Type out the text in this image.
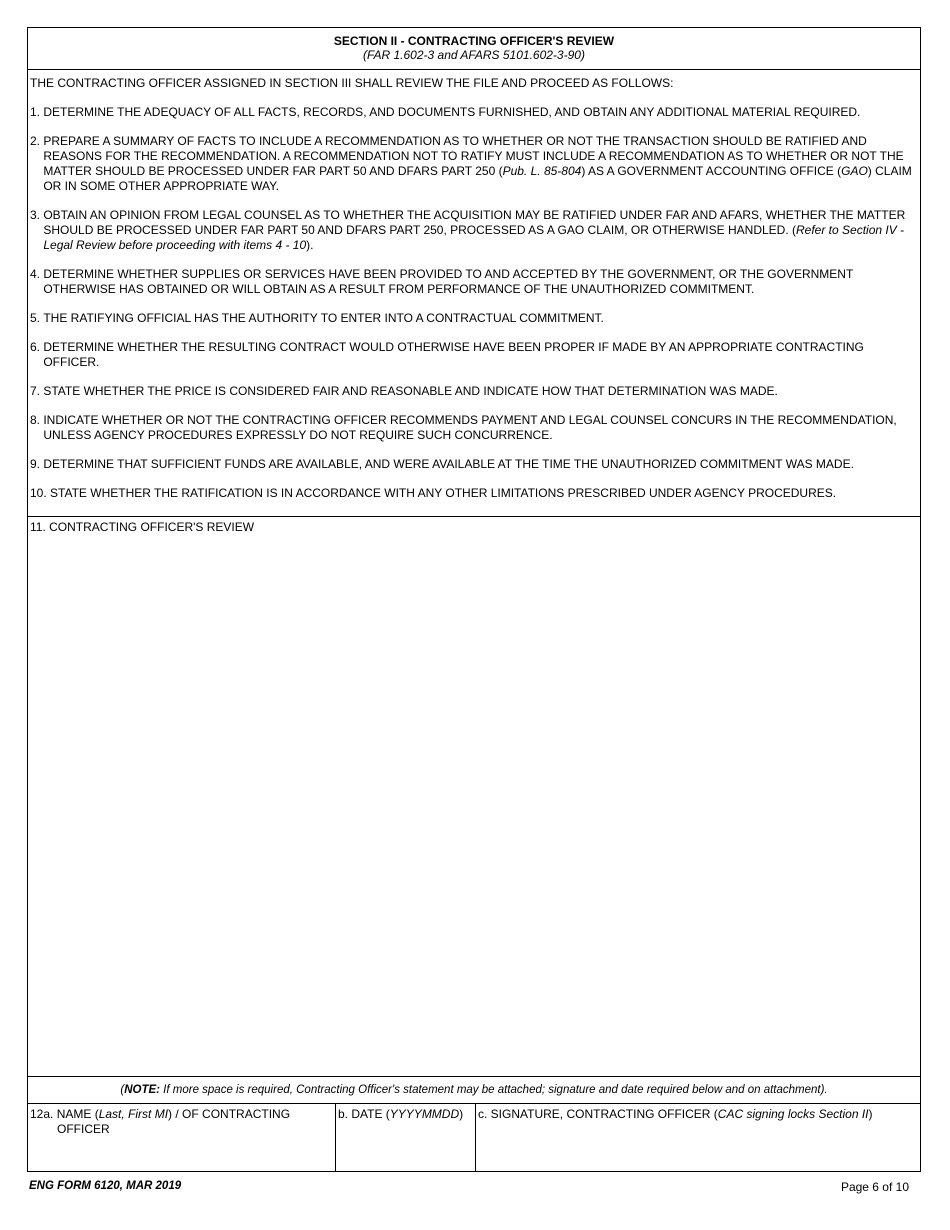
SECTION II - CONTRACTING OFFICER'S REVIEW
(FAR 1.602-3 and AFARS 5101.602-3-90)
THE CONTRACTING OFFICER ASSIGNED IN SECTION III SHALL REVIEW THE FILE AND PROCEED AS FOLLOWS:
1. DETERMINE THE ADEQUACY OF ALL FACTS, RECORDS, AND DOCUMENTS FURNISHED, AND OBTAIN ANY ADDITIONAL MATERIAL REQUIRED.
2. PREPARE A SUMMARY OF FACTS TO INCLUDE A RECOMMENDATION AS TO WHETHER OR NOT THE TRANSACTION SHOULD BE RATIFIED AND REASONS FOR THE RECOMMENDATION. A RECOMMENDATION NOT TO RATIFY MUST INCLUDE A RECOMMENDATION AS TO WHETHER OR NOT THE MATTER SHOULD BE PROCESSED UNDER FAR PART 50 AND DFARS PART 250 (Pub. L. 85-804) AS A GOVERNMENT ACCOUNTING OFFICE (GAO) CLAIM OR IN SOME OTHER APPROPRIATE WAY.
3. OBTAIN AN OPINION FROM LEGAL COUNSEL AS TO WHETHER THE ACQUISITION MAY BE RATIFIED UNDER FAR AND AFARS, WHETHER THE MATTER SHOULD BE PROCESSED UNDER FAR PART 50 AND DFARS PART 250, PROCESSED AS A GAO CLAIM, OR OTHERWISE HANDLED. (Refer to Section IV - Legal Review before proceeding with items 4 - 10).
4. DETERMINE WHETHER SUPPLIES OR SERVICES HAVE BEEN PROVIDED TO AND ACCEPTED BY THE GOVERNMENT, OR THE GOVERNMENT OTHERWISE HAS OBTAINED OR WILL OBTAIN AS A RESULT FROM PERFORMANCE OF THE UNAUTHORIZED COMMITMENT.
5. THE RATIFYING OFFICIAL HAS THE AUTHORITY TO ENTER INTO A CONTRACTUAL COMMITMENT.
6. DETERMINE WHETHER THE RESULTING CONTRACT WOULD OTHERWISE HAVE BEEN PROPER IF MADE BY AN APPROPRIATE CONTRACTING OFFICER.
7. STATE WHETHER THE PRICE IS CONSIDERED FAIR AND REASONABLE AND INDICATE HOW THAT DETERMINATION WAS MADE.
8. INDICATE WHETHER OR NOT THE CONTRACTING OFFICER RECOMMENDS PAYMENT AND LEGAL COUNSEL CONCURS IN THE RECOMMENDATION, UNLESS AGENCY PROCEDURES EXPRESSLY DO NOT REQUIRE SUCH CONCURRENCE.
9. DETERMINE THAT SUFFICIENT FUNDS ARE AVAILABLE, AND WERE AVAILABLE AT THE TIME THE UNAUTHORIZED COMMITMENT WAS MADE.
10. STATE WHETHER THE RATIFICATION IS IN ACCORDANCE WITH ANY OTHER LIMITATIONS PRESCRIBED UNDER AGENCY PROCEDURES.
11. CONTRACTING OFFICER'S REVIEW
(NOTE: If more space is required, Contracting Officer's statement may be attached; signature and date required below and on attachment).
12a. NAME (Last, First MI) / OF CONTRACTING
OFFICER
b. DATE (YYYYMMDD)	c. SIGNATURE, CONTRACTING OFFICER (CAC signing locks Section II)
ENG FORM 6120, MAR 2019	Page 6 of 10
